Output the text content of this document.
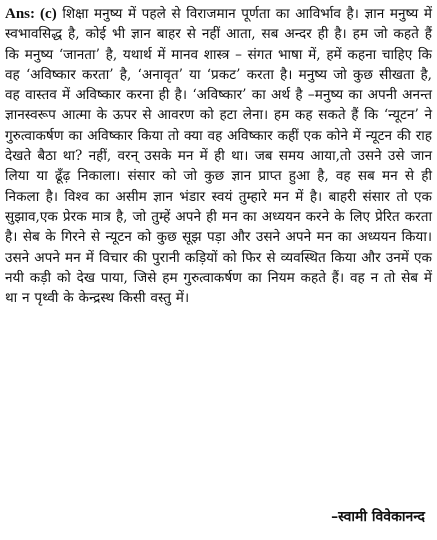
Ans: (c) शिक्षा मनुष्य में पहले से विराजमान पूर्णता का आविर्भाव है। ज्ञान मनुष्य में स्वभावसिद्ध है, कोई भी ज्ञान बाहर से नहीं आता, सब अन्दर ही है। हम जो कहते हैं कि मनुष्य ‘जानता’ है, यथार्थ में मानव शास्त्र – संगत भाषा में, हमें कहना चाहिए कि वह ‘अविष्कार करता’ है, ‘अनावृत’ या ‘प्रकट’ करता है। मनुष्य जो कुछ सीखता है, वह वास्तव में अविष्कार करना ही है। ‘अविष्कार’ का अर्थ है –मनुष्य का अपनी अनन्त ज्ञानस्वरूप आत्मा के ऊपर से आवरण को हटा लेना। हम कह सकते हैं कि ‘न्यूटन’ ने गुरुत्वाकर्षण का अविष्कार किया तो क्या वह अविष्कार कहीं एक कोने में न्यूटन की राह देखते बैठा था? नहीं, वरन् उसके मन में ही था। जब समय आया,तो उसने उसे जान लिया या ढूँढ़ निकाला। संसार को जो कुछ ज्ञान प्राप्त हुआ है, वह सब मन से ही निकला है। विश्व का असीम ज्ञान भंडार स्वयं तुम्हारे मन में है। बाहरी संसार तो एक सुझाव,एक प्रेरक मात्र है, जो तुम्हें अपने ही मन का अध्ययन करने के लिए प्रेरित करता है। सेब के गिरने से न्यूटन को कुछ सूझ पड़ा और उसने अपने मन का अध्ययन किया। उसने अपने मन में विचार की पुरानी कड़ियों को फिर से व्यवस्थित किया और उनमें एक नयी कड़ी को देख पाया, जिसे हम गुरुत्वाकर्षण का नियम कहते हैं। वह न तो सेब में था न पृथ्वी के केन्द्रस्थ किसी वस्तु में।
–स्वामी विवेकानन्द
